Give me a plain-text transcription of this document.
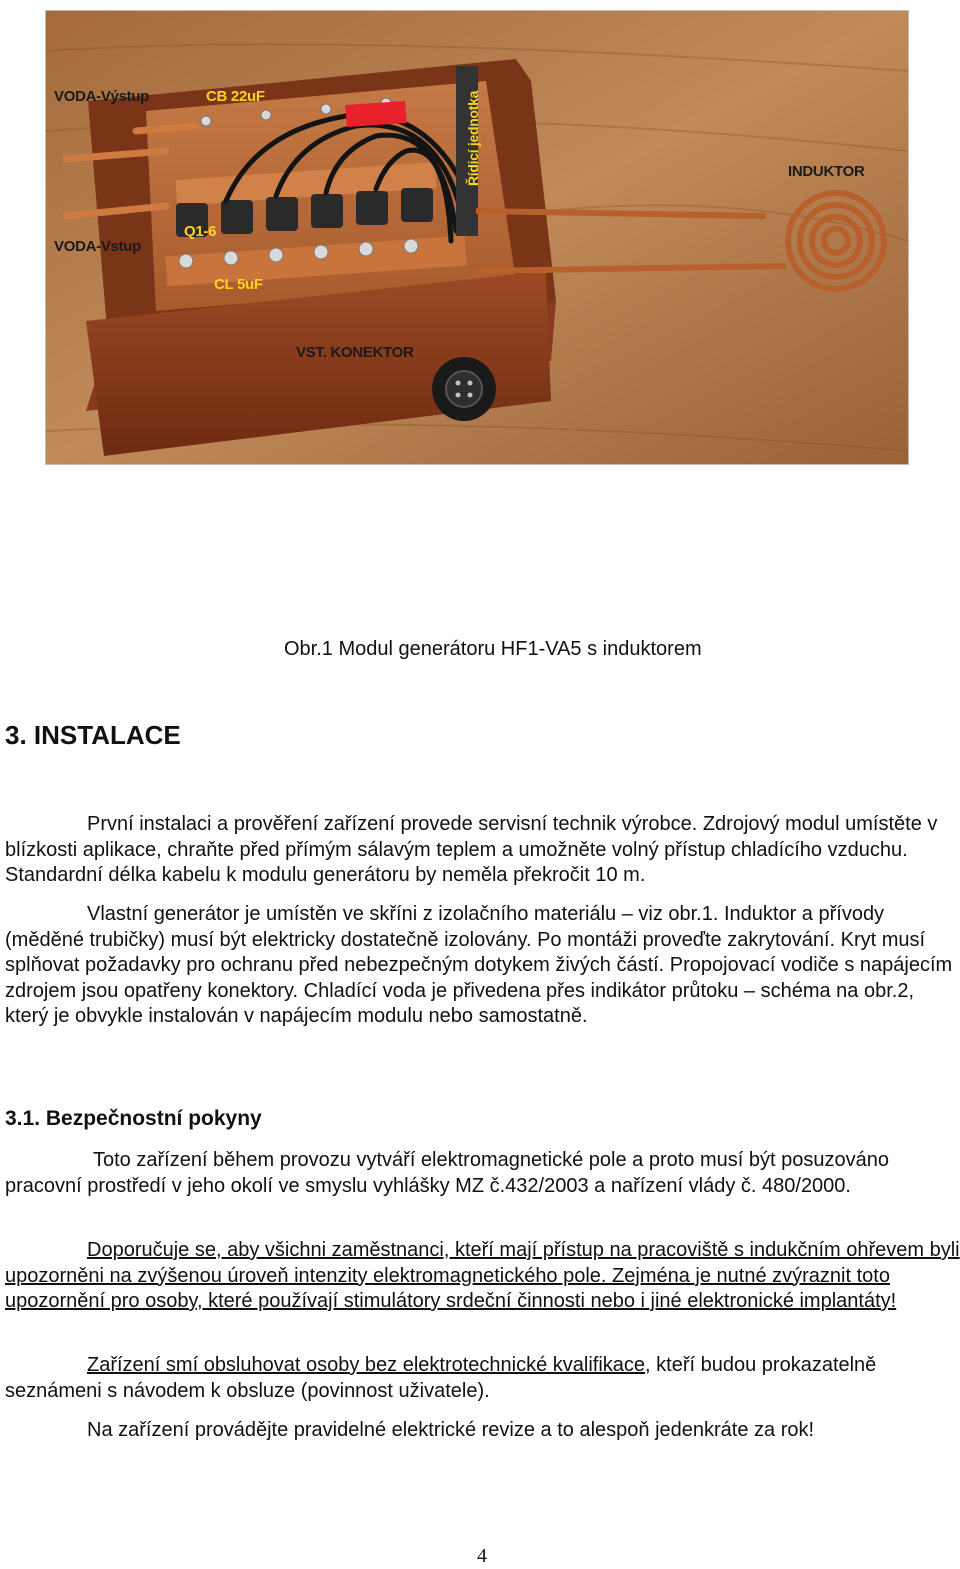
VODA-Výstup	CB 22uF	Řídicí jednotka	INDUKTOR
VODA-Vstup
Q1-6
CL 5uF
VST. KONEKTOR
Obr.1 Modul generátoru HF1-VA5 s induktorem
3. INSTALACE

První instalaci a prověření zařízení provede servisní technik výrobce. Zdrojový modul umístěte v blízkosti aplikace, chraňte před přímým sálavým teplem a umožněte volný přístup chladícího vzduchu. Standardní délka kabelu k modulu generátoru by neměla překročit 10 m.

Vlastní generátor je umístěn ve skříni z izolačního materiálu – viz obr.1. Induktor a přívody (měděné trubičky) musí být elektricky dostatečně izolovány. Po montáži proveďte zakrytování. Kryt musí splňovat požadavky pro ochranu před nebezpečným dotykem živých částí. Propojovací vodiče s napájecím zdrojem jsou opatřeny konektory. Chladící voda je přivedena přes indikátor průtoku – schéma na obr.2, který je obvykle instalován v napájecím modulu nebo samostatně.

3.1. Bezpečnostní pokyny

Toto zařízení během provozu vytváří elektromagnetické pole a proto musí být posuzováno pracovní prostředí v jeho okolí ve smyslu vyhlášky MZ č.432/2003 a nařízení vlády č. 480/2000.

Doporučuje se, aby všichni zaměstnanci, kteří mají přístup na pracoviště s indukčním ohřevem byli upozorněni na zvýšenou úroveň intenzity elektromagnetického pole. Zejména je nutné zvýraznit toto upozornění pro osoby, které používají stimulátory srdeční činnosti nebo i jiné elektronické implantáty!

Zařízení smí obsluhovat osoby bez elektrotechnické kvalifikace, kteří budou prokazatelně seznámeni s návodem k obsluze (povinnost uživatele).

Na zařízení provádějte pravidelné elektrické revize a to alespoň jedenkráte za rok!

4
